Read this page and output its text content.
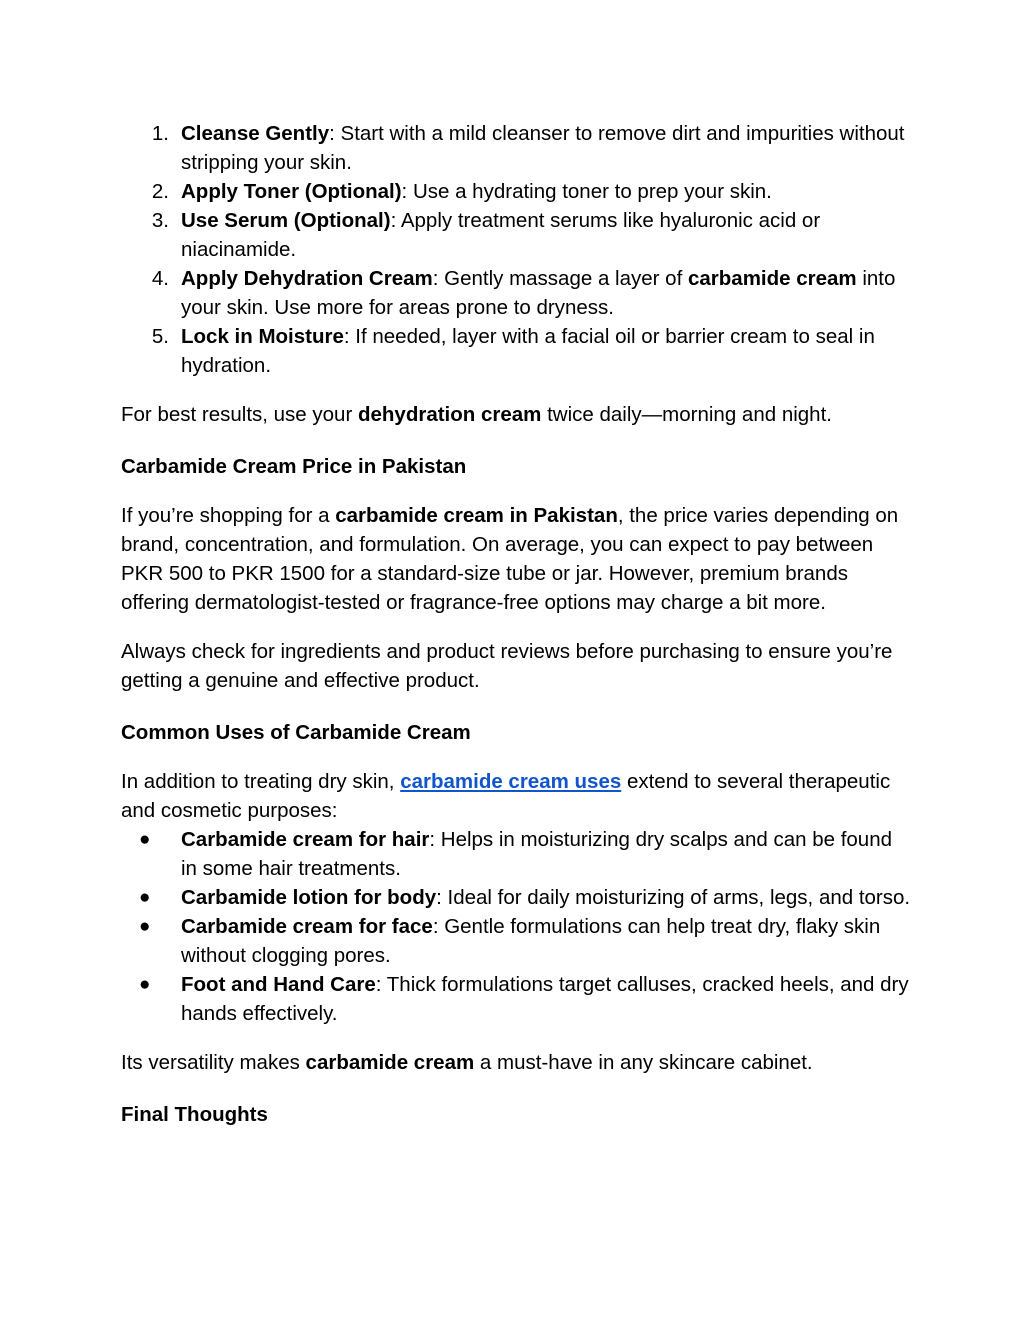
1. Cleanse Gently: Start with a mild cleanser to remove dirt and impurities without stripping your skin.
2. Apply Toner (Optional): Use a hydrating toner to prep your skin.
3. Use Serum (Optional): Apply treatment serums like hyaluronic acid or niacinamide.
4. Apply Dehydration Cream: Gently massage a layer of carbamide cream into your skin. Use more for areas prone to dryness.
5. Lock in Moisture: If needed, layer with a facial oil or barrier cream to seal in hydration.

For best results, use your dehydration cream twice daily—morning and night.

Carbamide Cream Price in Pakistan

If you’re shopping for a carbamide cream in Pakistan, the price varies depending on brand, concentration, and formulation. On average, you can expect to pay between PKR 500 to PKR 1500 for a standard-size tube or jar. However, premium brands offering dermatologist-tested or fragrance-free options may charge a bit more.

Always check for ingredients and product reviews before purchasing to ensure you’re getting a genuine and effective product.

Common Uses of Carbamide Cream

In addition to treating dry skin, carbamide cream uses extend to several therapeutic and cosmetic purposes:

●	Carbamide cream for hair: Helps in moisturizing dry scalps and can be found in some hair treatments.
●	Carbamide lotion for body: Ideal for daily moisturizing of arms, legs, and torso.
●	Carbamide cream for face: Gentle formulations can help treat dry, flaky skin without clogging pores.
●	Foot and Hand Care: Thick formulations target calluses, cracked heels, and dry hands effectively.

Its versatility makes carbamide cream a must-have in any skincare cabinet.

Final Thoughts
